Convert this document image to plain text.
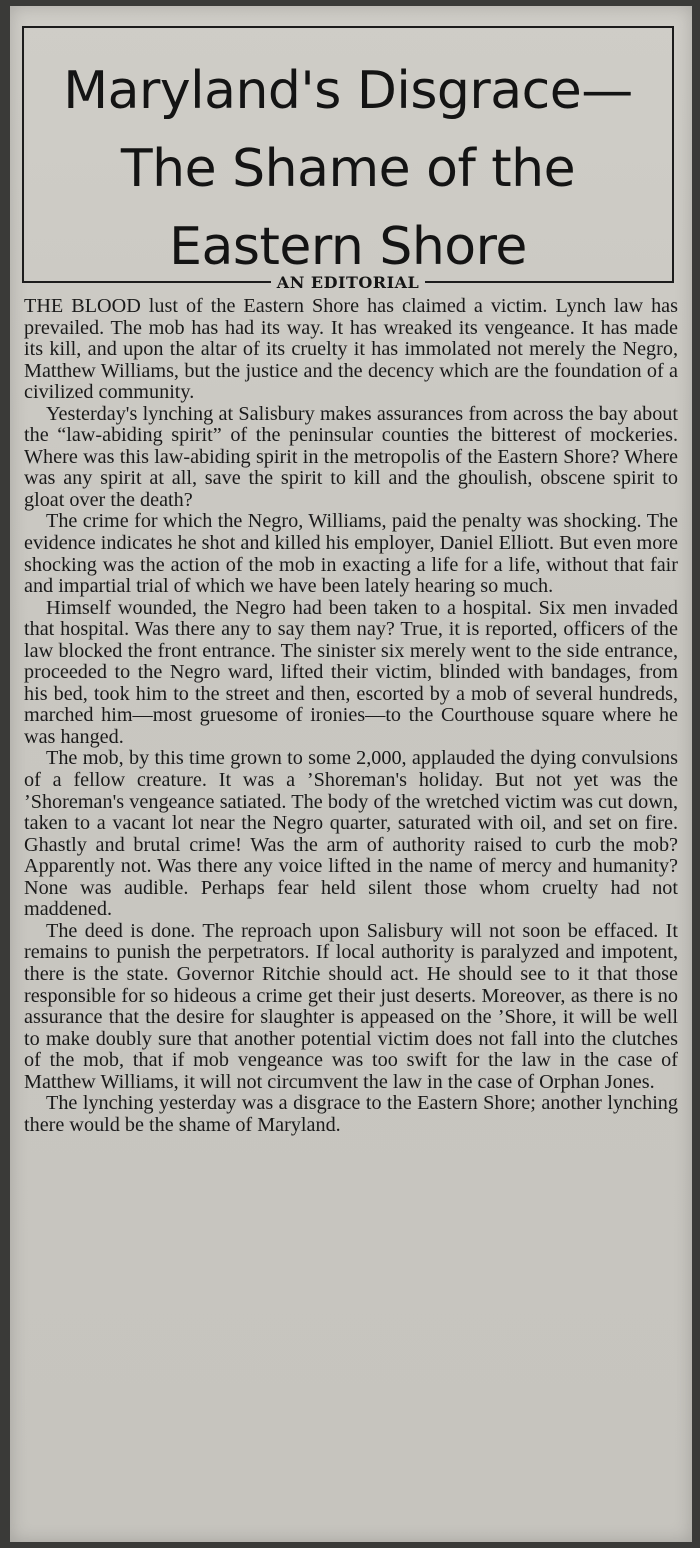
Maryland's Disgrace—
The Shame of the
Eastern Shore
AN EDITORIAL

THE BLOOD lust of the Eastern Shore has claimed a victim. Lynch law has prevailed. The mob has had its way. It has wreaked its vengeance. It has made its kill, and upon the altar of its cruelty it has immolated not merely the Negro, Matthew Williams, but the justice and the decency which are the foundation of a civilized community.

Yesterday's lynching at Salisbury makes assurances from across the bay about the “law-abiding spirit” of the peninsular counties the bitterest of mockeries. Where was this law-abiding spirit in the metropolis of the Eastern Shore? Where was any spirit at all, save the spirit to kill and the ghoulish, obscene spirit to gloat over the death?

The crime for which the Negro, Williams, paid the penalty was shocking. The evidence indicates he shot and killed his employer, Daniel Elliott. But even more shocking was the action of the mob in exacting a life for a life, without that fair and impartial trial of which we have been lately hearing so much.

Himself wounded, the Negro had been taken to a hospital. Six men invaded that hospital. Was there any to say them nay? True, it is reported, officers of the law blocked the front entrance. The sinister six merely went to the side entrance, proceeded to the Negro ward, lifted their victim, blinded with bandages, from his bed, took him to the street and then, escorted by a mob of several hundreds, marched him—most gruesome of ironies—to the Courthouse square where he was hanged.

The mob, by this time grown to some 2,000, applauded the dying convulsions of a fellow creature. It was a ’Shoreman's holiday. But not yet was the ’Shoreman's vengeance satiated. The body of the wretched victim was cut down, taken to a vacant lot near the Negro quarter, saturated with oil, and set on fire. Ghastly and brutal crime! Was the arm of authority raised to curb the mob? Apparently not. Was there any voice lifted in the name of mercy and humanity? None was audible. Perhaps fear held silent those whom cruelty had not maddened.

The deed is done. The reproach upon Salisbury will not soon be effaced. It remains to punish the perpetrators. If local authority is paralyzed and impotent, there is the state. Governor Ritchie should act. He should see to it that those responsible for so hideous a crime get their just deserts. Moreover, as there is no assurance that the desire for slaughter is appeased on the ’Shore, it will be well to make doubly sure that another potential victim does not fall into the clutches of the mob, that if mob vengeance was too swift for the law in the case of Matthew Williams, it will not circumvent the law in the case of Orphan Jones.

The lynching yesterday was a disgrace to the Eastern Shore; another lynching there would be the shame of Maryland.
